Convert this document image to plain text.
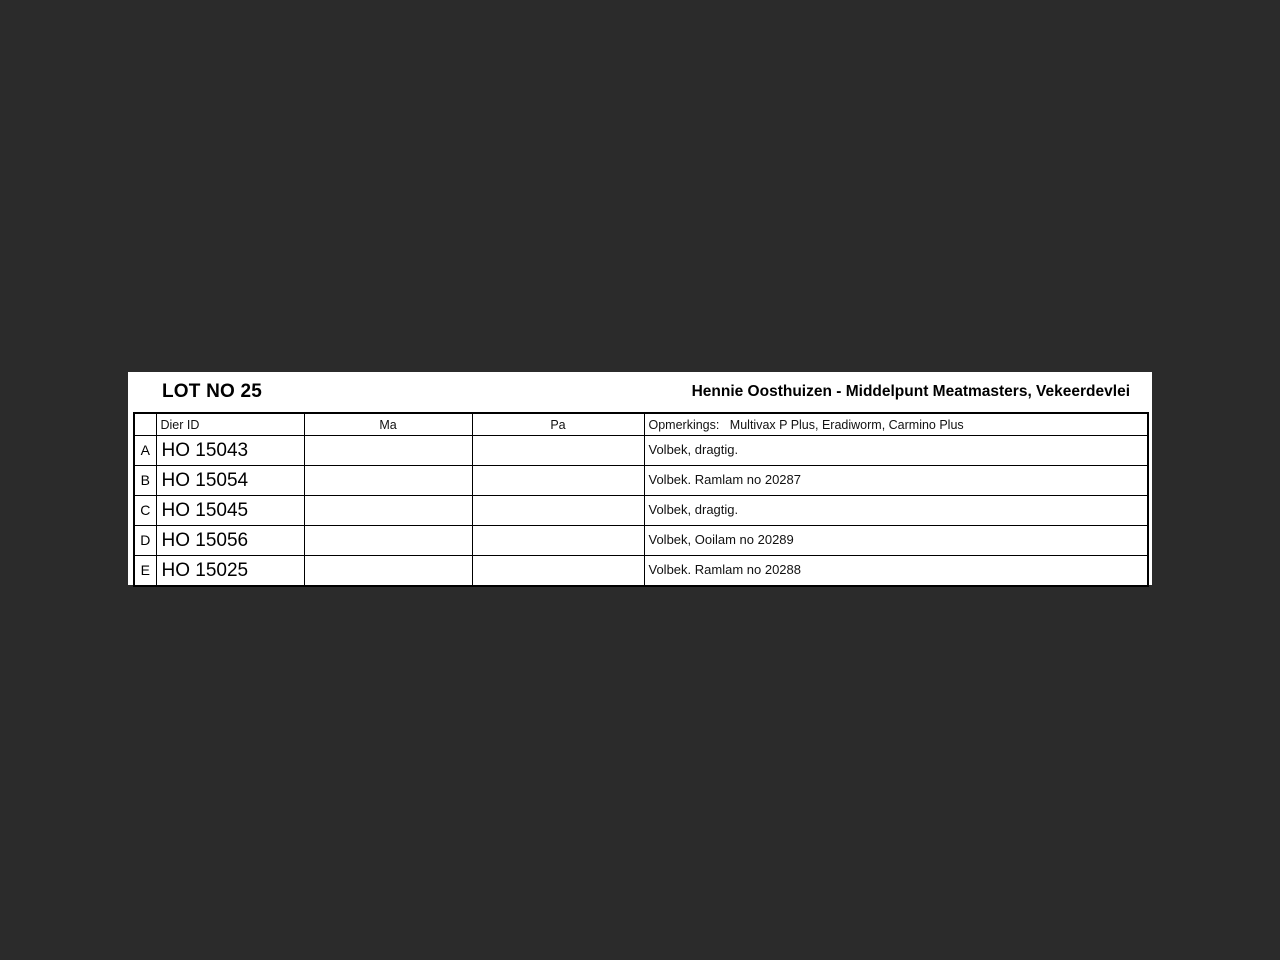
LOT NO 25	Hennie Oosthuizen - Middelpunt Meatmasters, Vekeerdevlei
	Dier ID	Ma	Pa	Opmerkings:   Multivax P Plus, Eradiworm, Carmino Plus
A	HO 15043			Volbek, dragtig.
B	HO 15054			Volbek. Ramlam no 20287
C	HO 15045			Volbek, dragtig.
D	HO 15056			Volbek, Ooilam no 20289
E	HO 15025			Volbek. Ramlam no 20288
